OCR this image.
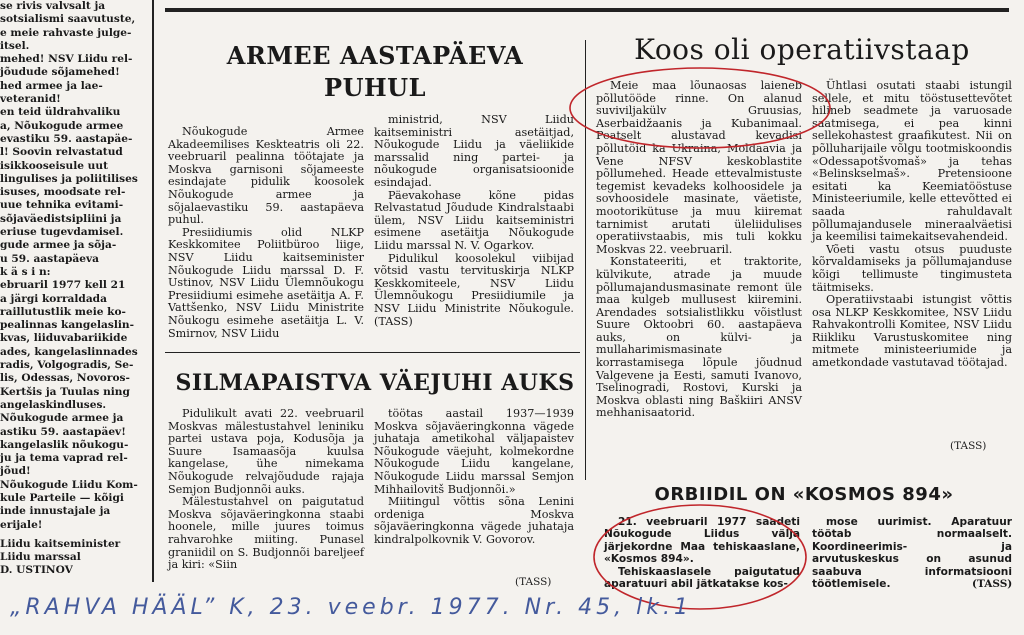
se rivis valvsalt ja
sotsialismi saavutuste,
e meie rahvaste julge-
itsel.
mehed! NSV Liidu rel-
jõudude sõjamehed!
hed armee ja lae-
veteranid!
en teid üldrahvaliku
a, Nõukogude armee
evastiku 59. aastapäe-
l! Soovin relvastatud
isikkooseisule uut
lingulises ja poliitilises
isuses, moodsate rel-
uue tehnika evitami-
sõjaväedistsipliini ja
eriuse tugevdamisel.
gude armee ja sõja-
u 59. aastapäeva
k ä s i n:
ebruaril 1977 kell 21
a järgi korraldada
raillutustlik meie ko-
pealinnas kangelaslin-
kvas, liiduvabariikide
ades, kangelaslinnades
radis, Volgogradis, Se-
lis, Odessas, Novoros-
Kertšis ja Tuulas ning
angelaskindluses.
Nõukogude armee ja
astiku 59. aastapäev!
kangelaslik nõukogu-
ju ja tema vaprad rel-
jõud!
Nõukogude Liidu Kom-
kule Parteile — kõigi
inde innustajale ja
erijale!
Liidu kaitseminister
Liidu marssal
D. USTINOV
ARMEE AASTAPÄEVA
PUHUL

Nõukogude Armee Akadeemilises Keskteatris oli 22. veebruaril pealinna töötajate ja Moskva garnisoni sõjameeste esindajate pidulik koosolek Nõukogude armee ja sõjalaevastiku 59. aastapäeva puhul.

Presiidiumis olid NLKP Keskkomitee Poliitbüroo liige, NSV Liidu kaitseminister Nõukogude Liidu marssal D. F. Ustinov, NSV Liidu Ülemnõukogu Presiidiumi esimehe asetäitja A. F. Vattšenko, NSV Liidu Ministrite Nõukogu esimehe asetäitja L. V. Smirnov, NSV Liidu

ministrid, NSV Liidu kaitseministri asetäitjad, Nõukogude Liidu ja väeliikide marssalid ning partei- ja nõukogude organisatsioonide esindajad.

Päevakohase kõne pidas Relvastatud Jõudude Kindralstaabi ülem, NSV Liidu kaitseministri esimene asetäitja Nõukogude Liidu marssal N. V. Ogarkov.

Pidulikul koosolekul viibijad võtsid vastu tervituskirja NLKP Keskkomiteele, NSV Liidu Ülemnõukogu Presiidiumile ja NSV Liidu Ministrite Nõukogule. (TASS)

SILMAPAISTVA VÄEJUHI AUKS

Pidulikult avati 22. veebruaril Moskvas mälestustahvel leniniku partei ustava poja, Kodusõja ja Suure Isamaasõja kuulsa kangelase, ühe nimekama Nõukogude relvajõudude rajaja Semjon Budjonnõi auks.

Mälestustahvel on paigutatud Moskva sõjaväeringkonna staabi hoonele, mille juures toimus rahvarohke miiting. Punasel graniidil on S. Budjonnõi bareljeef ja kiri: «Siin

töötas aastail 1937—1939 Moskva sõjaväeringkonna vägede juhataja ametikohal väljapaistev Nõukogude väejuht, kolmekordne Nõukogude Liidu kangelane, Nõukogude Liidu marssal Semjon Mihhailovitš Budjonnõi.»

Miitingul võttis sõna Lenini ordeniga Moskva sõjaväeringkonna vägede juhataja kindralpolkovnik V. Govorov.

(TASS)
Koos oli operatiivstaap

Meie maa lõunaosas laieneb põllutööde rinne. On alanud suviviljakülv Gruusias, Aserbaidžaanis ja Kubanimaal. Peatselt alustavad kevadisi põllutöid ka Ukraina, Moldaavia ja Vene NFSV keskoblastite põllumehed. Heade ettevalmistuste tegemist kevadeks kolhoosidele ja sovhoosidele masinate, väetiste, mootorikütuse ja muu kiiremat tarnimist arutati üleliidulises operatiivstaabis, mis tuli kokku Moskvas 22. veebruaril.

Konstateeriti, et traktorite, külvikute, atrade ja muude põllumajandusmasinate remont üle maa kulgeb mullusest kiiremini. Arendades sotsialistlikku võistlust Suure Oktoobri 60. aastapäeva auks, on külvi- ja mullaharimismasinate korrastamisega lõpule jõudnud Valgevene ja Eesti, samuti Ivanovo, Tselinogradi, Rostovi, Kurski ja Moskva oblasti ning Baškiiri ANSV mehhanisaatorid.

Ühtlasi osutati staabi istungil sellele, et mitu tööstusettevõtet hilineb seadmete ja varuosade saatmisega, ei pea kinni sellekohastest graafikutest. Nii on põlluharijaile võlgu tootmiskoondis «Odessapotšvomaš» ja tehas «Belinskselmaš». Pretensioone esitati ka Keemiatööstuse Ministeeriumile, kelle ettevõtted ei saada rahuldavalt põllumajandusele mineraalväetisi ja keemilisi taimekaitsevahendeid.

Võeti vastu otsus puuduste kõrvaldamiseks ja põllumajanduse kõigi tellimuste tingimusteta täitmiseks.

Operatiivstaabi istungist võttis osa NLKP Keskkomitee, NSV Liidu Rahvakontrolli Komitee, NSV Liidu Riikliku Varustuskomitee ning mitmete ministeeriumide ja ametkondade vastutavad töötajad.

(TASS)
ORBIIDIL ON «KOSMOS 894»

21. veebruaril 1977 saadeti Nõukogude Liidus välja järjekordne Maa tehiskaaslane, «Kosmos 894».

Tehiskaaslasele paigutatud aparatuuri abil jätkatakse kos-

mose uurimist. Aparatuur töötab normaalselt. Koordineerimis- ja arvutuskeskus on asunud saabuva informatsiooni töötlemisele.	(TASS)
„RAHVA HÄÄL” K, 23. veebr. 1977. Nr. 45, lk.1
